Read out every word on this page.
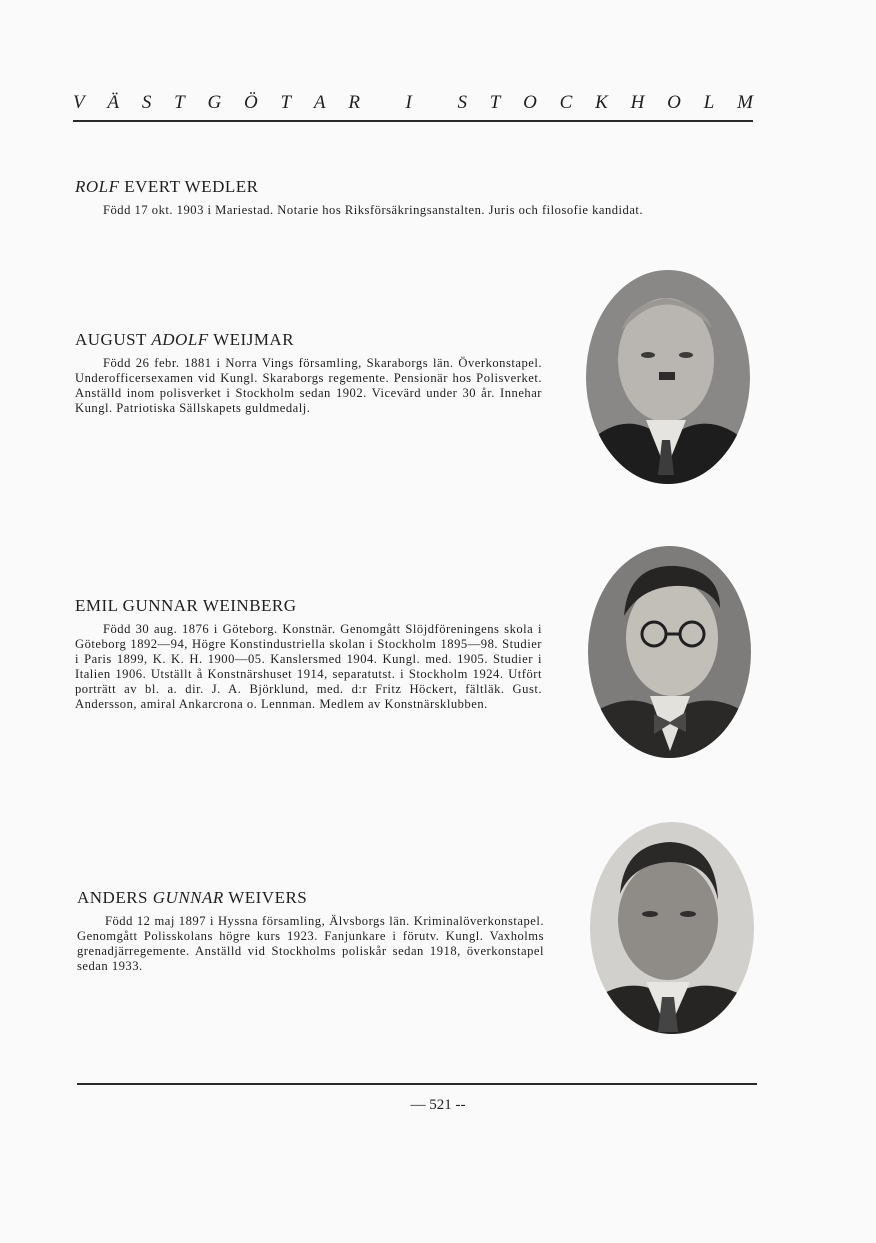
V Ä S T G Ö T A R I S T O C K H O L M
ROLF EVERT WEDLER

Född 17 okt. 1903 i Mariestad. Notarie hos Riksförsäkringsanstalten. Juris och filosofie kandidat.

AUGUST ADOLF WEIJMAR

Född 26 febr. 1881 i Norra Vings församling, Skaraborgs län. Överkonstapel. Underofficersexamen vid Kungl. Skaraborgs regemente. Pensionär hos Polisverket. Anställd inom polisverket i Stockholm sedan 1902. Vicevärd under 30 år. Innehar Kungl. Patriotiska Sällskapets guldmedalj.

EMIL GUNNAR WEINBERG

Född 30 aug. 1876 i Göteborg. Konstnär. Genomgått Slöjdföreningens skola i Göteborg 1892—94, Högre Konstindustriella skolan i Stockholm 1895—98. Studier i Paris 1899, K. K. H. 1900—05. Kanslersmed 1904. Kungl. med. 1905. Studier i Italien 1906. Utställt å Konstnärshuset 1914, separatutst. i Stockholm 1924. Utfört porträtt av bl. a. dir. J. A. Björklund, med. d:r Fritz Höckert, fältläk. Gust. Andersson, amiral Ankarcrona o. Lennman. Medlem av Konstnärsklubben.

ANDERS GUNNAR WEIVERS

Född 12 maj 1897 i Hyssna församling, Älvsborgs län. Kriminalöverkonstapel. Genomgått Polisskolans högre kurs 1923. Fanjunkare i förutv. Kungl. Vaxholms grenadjärregemente. Anställd vid Stockholms poliskår sedan 1918, överkonstapel sedan 1933.

— 521 --
